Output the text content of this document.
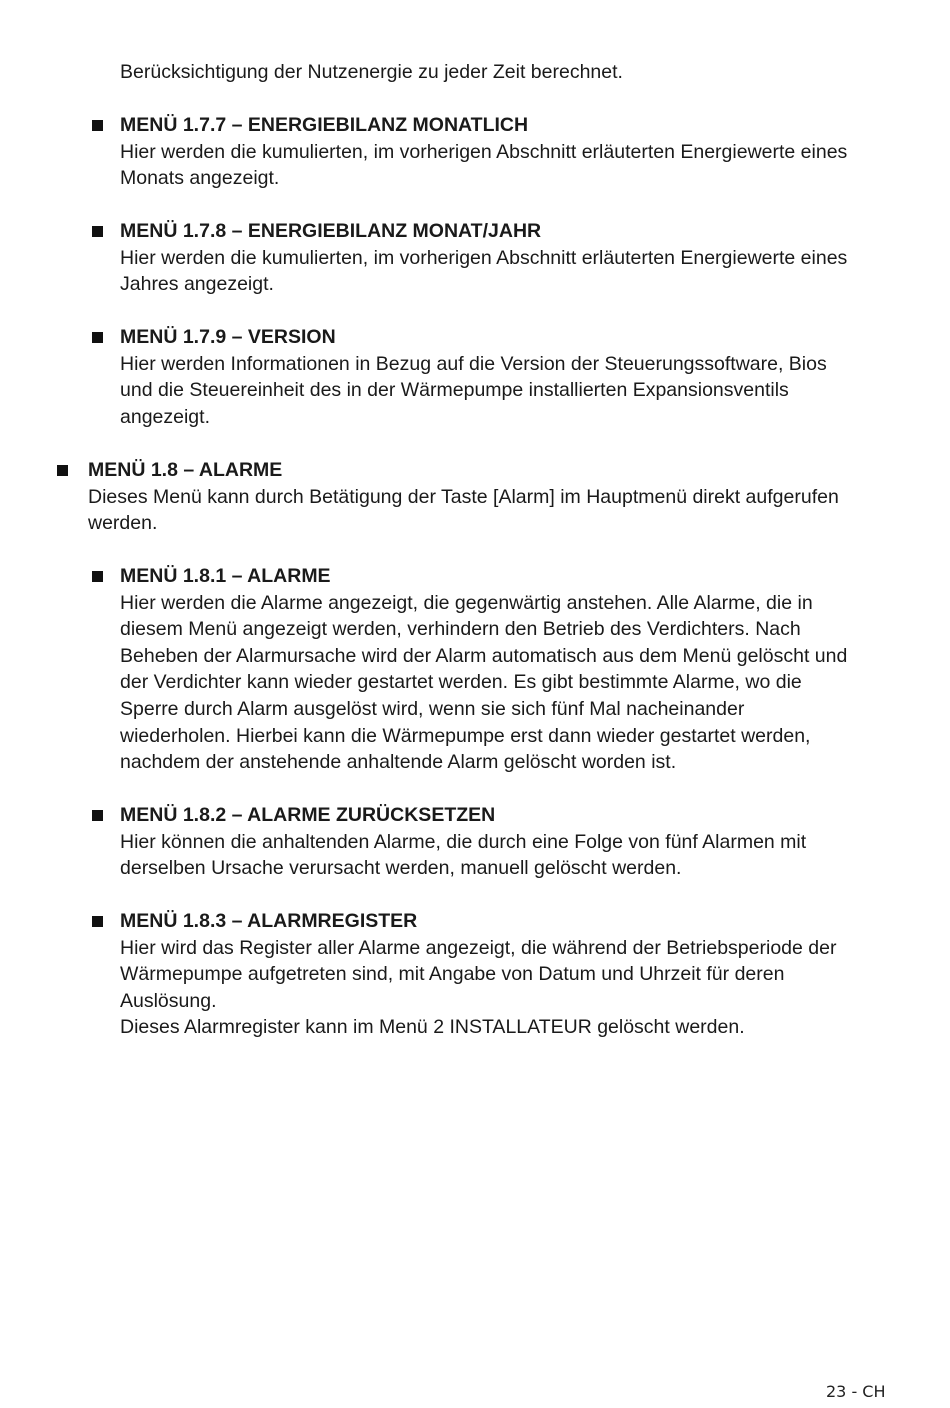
Berücksichtigung der Nutzenergie zu jeder Zeit berechnet.

MENÜ 1.7.7 – ENERGIEBILANZ MONATLICH

Hier werden die kumulierten, im vorherigen Abschnitt erläuterten Energiewerte eines

Monats angezeigt.

MENÜ 1.7.8 – ENERGIEBILANZ MONAT/JAHR

Hier werden die kumulierten, im vorherigen Abschnitt erläuterten Energiewerte eines

Jahres angezeigt.

MENÜ 1.7.9 – VERSION

Hier werden Informationen in Bezug auf die Version der Steuerungssoftware, Bios

und die Steuereinheit des in der Wärmepumpe installierten Expansionsventils

angezeigt.

MENÜ 1.8 – ALARME

Dieses Menü kann durch Betätigung der Taste [Alarm] im Hauptmenü direkt aufgerufen

werden.

MENÜ 1.8.1 – ALARME

Hier werden die Alarme angezeigt, die gegenwärtig anstehen. Alle Alarme, die in

diesem Menü angezeigt werden, verhindern den Betrieb des Verdichters. Nach

Beheben der Alarmursache wird der Alarm automatisch aus dem Menü gelöscht und

der Verdichter kann wieder gestartet werden. Es gibt bestimmte Alarme, wo die

Sperre durch Alarm ausgelöst wird, wenn sie sich fünf Mal nacheinander

wiederholen. Hierbei kann die Wärmepumpe erst dann wieder gestartet werden,

nachdem der anstehende anhaltende Alarm gelöscht worden ist.

MENÜ 1.8.2 – ALARME ZURÜCKSETZEN

Hier können die anhaltenden Alarme, die durch eine Folge von fünf Alarmen mit

derselben Ursache verursacht werden, manuell gelöscht werden.

MENÜ 1.8.3 – ALARMREGISTER

Hier wird das Register aller Alarme angezeigt, die während der Betriebsperiode der

Wärmepumpe aufgetreten sind, mit Angabe von Datum und Uhrzeit für deren

Auslösung.

Dieses Alarmregister kann im Menü 2 INSTALLATEUR gelöscht werden.

23 - CH
